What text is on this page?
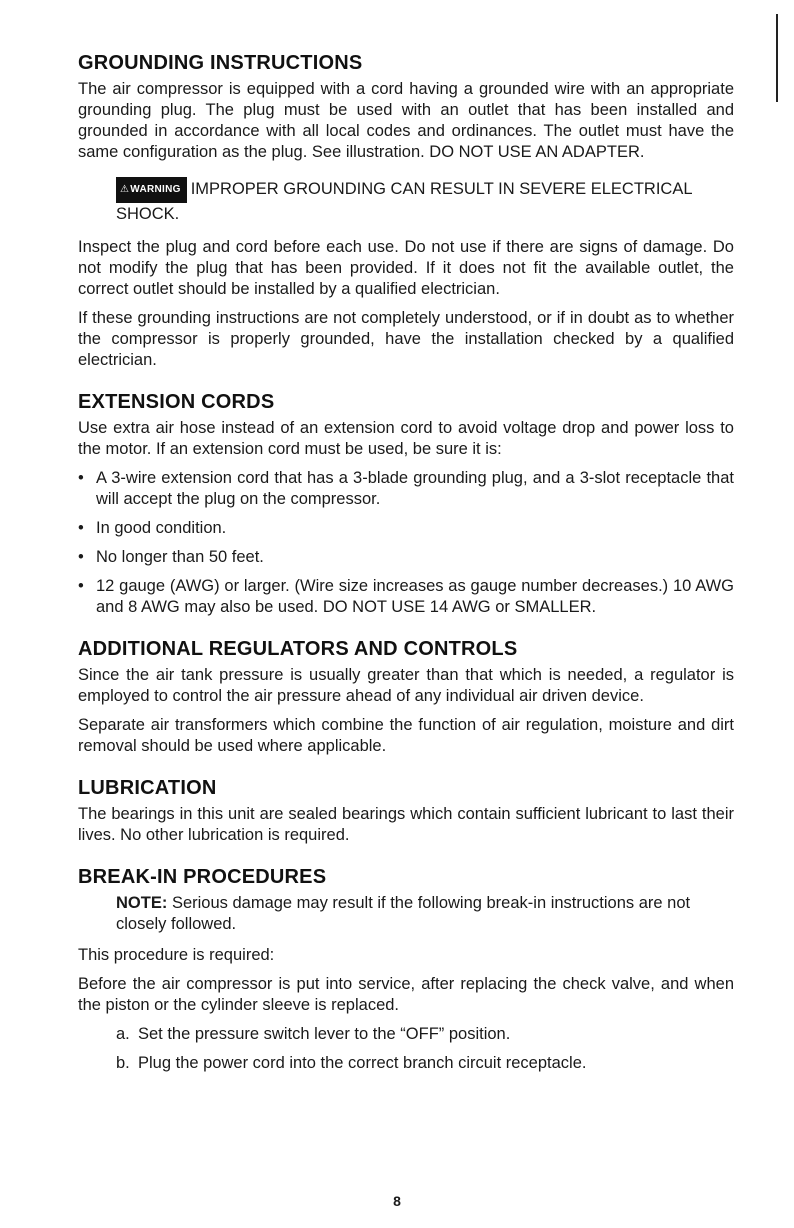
GROUNDING INSTRUCTIONS

The air compressor is equipped with a cord having a grounded wire with an appropriate grounding plug. The plug must be used with an outlet that has been installed and grounded in accordance with all local codes and ordinances. The outlet must have the same configuration as the plug. See illustration. DO NOT USE AN ADAPTER.

⚠WARNING IMPROPER GROUNDING CAN RESULT IN SEVERE ELECTRICAL SHOCK.

Inspect the plug and cord before each use. Do not use if there are signs of damage. Do not modify the plug that has been provided. If it does not fit the available outlet, the correct outlet should be installed by a qualified electrician.

If these grounding instructions are not completely understood, or if in doubt as to whether the compressor is properly grounded, have the installation checked by a qualified electrician.

EXTENSION CORDS

Use extra air hose instead of an extension cord to avoid voltage drop and power loss to the motor. If an extension cord must be used, be sure it is:

• A 3-wire extension cord that has a 3-blade grounding plug, and a 3-slot receptacle that will accept the plug on the compressor.
• In good condition.
• No longer than 50 feet.
• 12 gauge (AWG) or larger. (Wire size increases as gauge number decreases.) 10 AWG and 8 AWG may also be used. DO NOT USE 14 AWG or SMALLER.
ADDITIONAL REGULATORS AND CONTROLS

Since the air tank pressure is usually greater than that which is needed, a regulator is employed to control the air pressure ahead of any individual air driven device.

Separate air transformers which combine the function of air regulation, moisture and dirt removal should be used where applicable.

LUBRICATION

The bearings in this unit are sealed bearings which contain sufficient lubricant to last their lives. No other lubrication is required.

BREAK-IN PROCEDURES
NOTE: Serious damage may result if the following break-in instructions are not closely followed.

This procedure is required:

Before the air compressor is put into service, after replacing the check valve, and when the piston or the cylinder sleeve is replaced.

a. Set the pressure switch lever to the “OFF” position.
b. Plug the power cord into the correct branch circuit receptacle.
8
